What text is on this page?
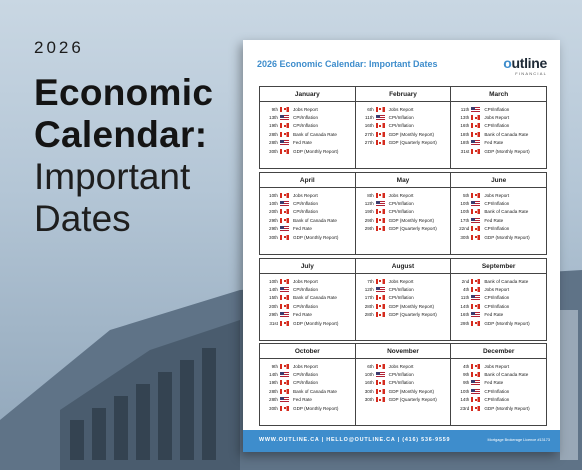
2026
Economic
Calendar:
Important
Dates
2026 Economic Calendar: Important Dates	outline
FINANCIAL
January
9th	Jobs Report
13th	CPI/Inflation
19th	CPI/Inflation
28th	Bank of Canada Rate
28th	Fed Rate
30th	GDP (Monthly Report)
February
6th	Jobs Report
11th	CPI/Inflation
16th	CPI/Inflation
27th	GDP (Monthly Report)
27th	GDP (Quarterly Report)
March
11th	CPI/Inflation
13th	Jobs Report
16th	CPI/Inflation
18th	Bank of Canada Rate
18th	Fed Rate
31st	GDP (Monthly Report)
April
10th	Jobs Report
10th	CPI/Inflation
20th	CPI/Inflation
29th	Bank of Canada Rate
29th	Fed Rate
30th	GDP (Monthly Report)
May
8th	Jobs Report
12th	CPI/Inflation
19th	CPI/Inflation
29th	GDP (Monthly Report)
29th	GDP (Quarterly Report)
June
5th	Jobs Report
10th	CPI/Inflation
10th	Bank of Canada Rate
17th	Fed Rate
22nd	CPI/Inflation
30th	GDP (Monthly Report)
July
10th	Jobs Report
14th	CPI/Inflation
15th	Bank of Canada Rate
20th	CPI/Inflation
29th	Fed Rate
31st	GDP (Monthly Report)
August
7th	Jobs Report
12th	CPI/Inflation
17th	CPI/Inflation
28th	GDP (Monthly Report)
28th	GDP (Quarterly Report)
September
2nd	Bank of Canada Rate
4th	Jobs Report
11th	CPI/Inflation
14th	CPI/Inflation
16th	Fed Rate
29th	GDP (Monthly Report)
October
9th	Jobs Report
14th	CPI/Inflation
19th	CPI/Inflation
28th	Bank of Canada Rate
28th	Fed Rate
30th	GDP (Monthly Report)
November
6th	Jobs Report
10th	CPI/Inflation
16th	CPI/Inflation
30th	GDP (Monthly Report)
30th	GDP (Quarterly Report)
December
4th	Jobs Report
9th	Bank of Canada Rate
9th	Fed Rate
10th	CPI/Inflation
14th	CPI/Inflation
23rd	GDP (Monthly Report)
WWW.OUTLINE.CA | HELLO@OUTLINE.CA | (416) 536-9559	Mortgage Brokerage Licence #13173
